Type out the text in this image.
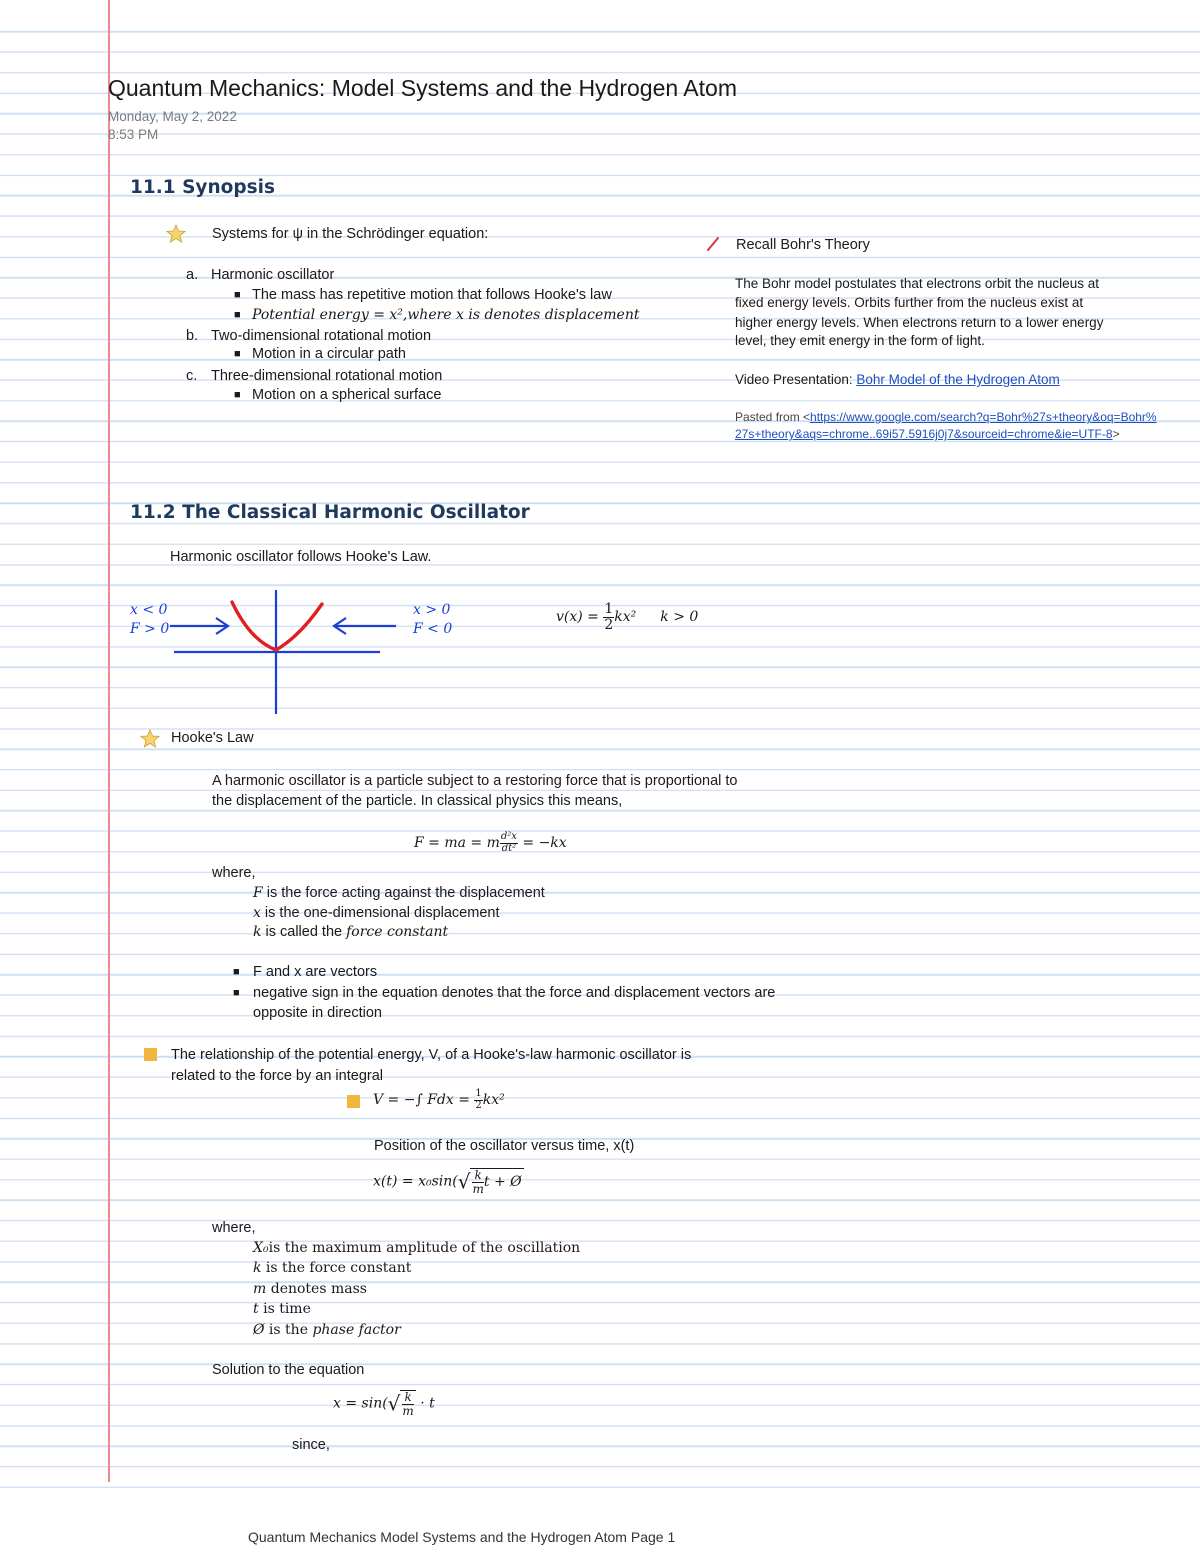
Quantum Mechanics: Model Systems and the Hydrogen Atom
Monday, May 2, 2022
8:53 PM
11.1 Synopsis
Systems for ψ in the Schrödinger equation:
a. Harmonic oscillator
■ The mass has repetitive motion that follows Hooke's law
■ Potential energy = x²,where x is denotes displacement
b. Two-dimensional rotational motion
■ Motion in a circular path
c. Three-dimensional rotational motion
■ Motion on a spherical surface
Recall Bohr's Theory
The Bohr model postulates that electrons orbit the nucleus at
fixed energy levels. Orbits further from the nucleus exist at
higher energy levels. When electrons return to a lower energy
level, they emit energy in the form of light.
Video Presentation: Bohr Model of the Hydrogen Atom
Pasted from <https://www.google.com/search?q=Bohr%27s+theory&oq=Bohr%
27s+theory&aqs=chrome..69i57.5916j0j7&sourceid=chrome&ie=UTF-8>
11.2 The Classical Harmonic Oscillator
Harmonic oscillator follows Hooke's Law.
x < 0
F > 0
x > 0
F < 0
$v(x) = \frac{1}{2} kx^2$ k > 0
Hooke's Law
A harmonic oscillator is a particle subject to a restoring force that is proportional to
the displacement of the particle. In classical physics this means,
F = ma = m $\frac{\text{d²x}}{\text{dt²}} = -kx$
where,
F is the force acting against the displacement
x is the one-dimensional displacement
k is called the force constant
■ F and x are vectors
■ negative sign in the equation denotes that the force and displacement vectors are
opposite in direction
The relationship of the potential energy, V, of a Hooke's-law harmonic oscillator is
related to the force by an integral
V = −∫ Fdx = $\frac{1}{2} kx^2$
Position of the oscillator versus time, x(t)
$x(t) = x_0\sin(√ \frac{k}{m}$ t + Ø
where,
X₀is the maximum amplitude of the oscillation
k is the force constant
m denotes mass
t is time
Ø is the phase factor
Solution to the equation
$x = \sin(√ \frac{k}{m} \cdot t$
since,
Quantum Mechanics Model Systems and the Hydrogen Atom Page 1
